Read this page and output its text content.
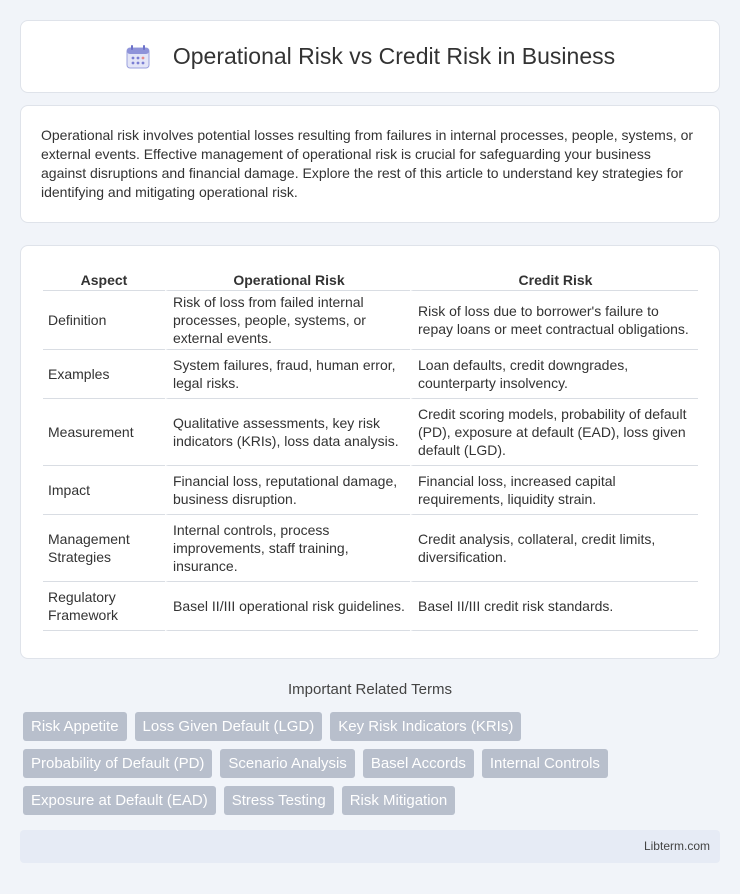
Operational Risk vs Credit Risk in Business

Operational risk involves potential losses resulting from failures in internal processes, people, systems, or external events. Effective management of operational risk is crucial for safeguarding your business against disruptions and financial damage. Explore the rest of this article to understand key strategies for identifying and mitigating operational risk.

Aspect	Operational Risk	Credit Risk
Definition	Risk of loss from failed internal processes, people, systems, or external events.	Risk of loss due to borrower's failure to repay loans or meet contractual obligations.
Examples	System failures, fraud, human error, legal risks.	Loan defaults, credit downgrades, counterparty insolvency.
Measurement	Qualitative assessments, key risk indicators (KRIs), loss data analysis.	Credit scoring models, probability of default (PD), exposure at default (EAD), loss given default (LGD).
Impact	Financial loss, reputational damage, business disruption.	Financial loss, increased capital requirements, liquidity strain.
Management Strategies	Internal controls, process improvements, staff training, insurance.	Credit analysis, collateral, credit limits, diversification.
Regulatory Framework	Basel II/III operational risk guidelines.	Basel II/III credit risk standards.
Important Related Terms
Risk Appetite	Loss Given Default (LGD)	Key Risk Indicators (KRIs)
Probability of Default (PD)	Scenario Analysis	Basel Accords	Internal Controls
Exposure at Default (EAD)	Stress Testing	Risk Mitigation
Libterm.com
